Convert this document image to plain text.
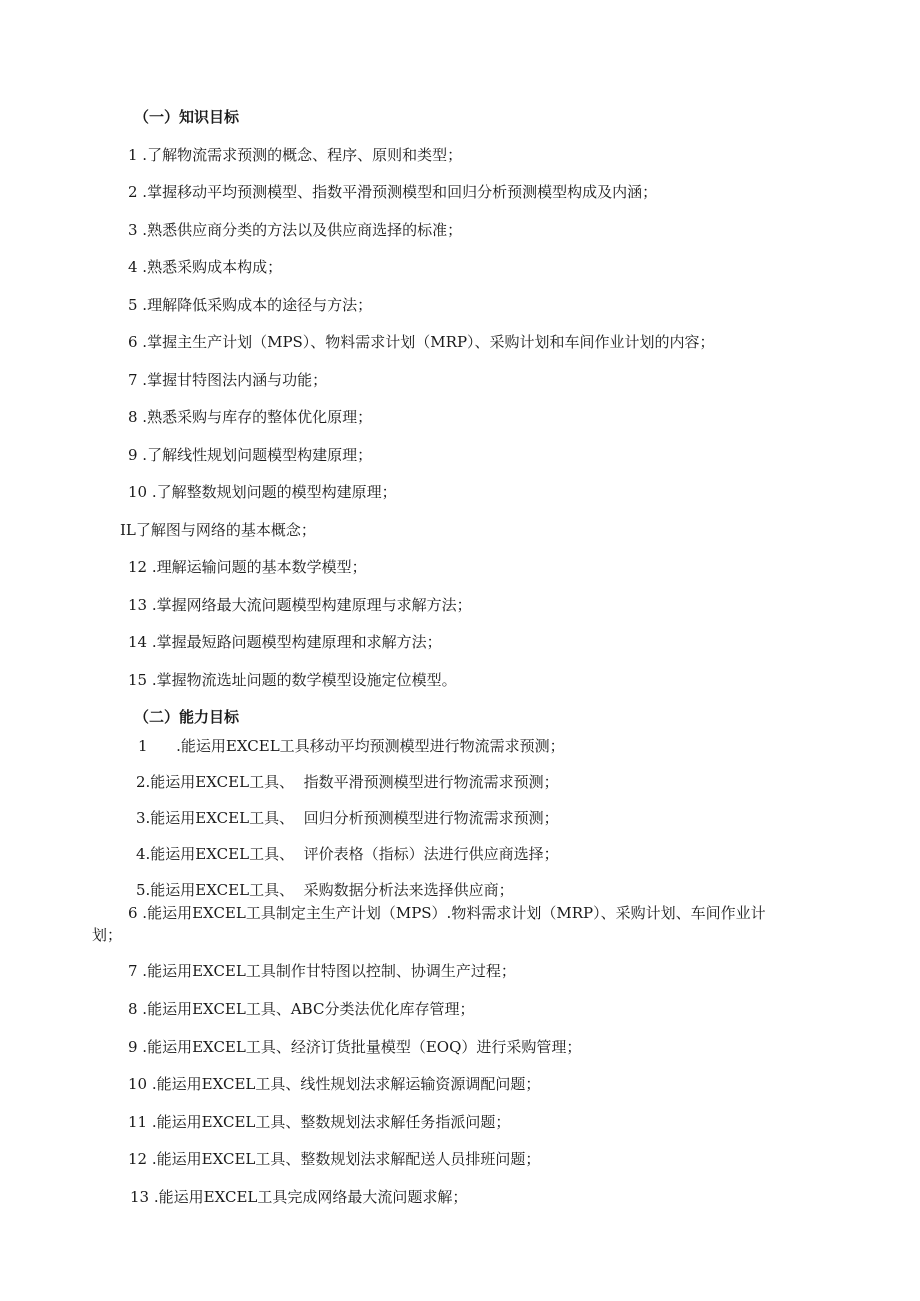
（一）知识目标
1 .了解物流需求预测的概念、程序、原则和类型；
2 .掌握移动平均预测模型、指数平滑预测模型和回归分析预测模型构成及内涵；
3 .熟悉供应商分类的方法以及供应商选择的标准；
4 .熟悉采购成本构成；
5 .理解降低采购成本的途径与方法；
6 .掌握主生产计划（MPS）、物料需求计划（MRP）、采购计划和车间作业计划的内容；
7 .掌握甘特图法内涵与功能；
8 .熟悉采购与库存的整体优化原理；
9 .了解线性规划问题模型构建原理；
10 .了解整数规划问题的模型构建原理；
IL了解图与网络的基本概念；
12 .理解运输问题的基本数学模型；
13 .掌握网络最大流问题模型构建原理与求解方法；
14 .掌握最短路问题模型构建原理和求解方法；
15 .掌握物流选址问题的数学模型设施定位模型。
（二）能力目标
1      .能运用EXCEL工具移动平均预测模型进行物流需求预测；
2.能运用EXCEL工具、  指数平滑预测模型进行物流需求预测；
3.能运用EXCEL工具、  回归分析预测模型进行物流需求预测；
4.能运用EXCEL工具、  评价表格（指标）法进行供应商选择；
5.能运用EXCEL工具、  采购数据分析法来选择供应商；
6 .能运用EXCEL工具制定主生产计划（MPS）.物料需求计划（MRP）、采购计划、车间作业计
划；
7 .能运用EXCEL工具制作甘特图以控制、协调生产过程；
8 .能运用EXCEL工具、ABC分类法优化库存管理；
9 .能运用EXCEL工具、经济订货批量模型（EOQ）进行采购管理；
10 .能运用EXCEL工具、线性规划法求解运输资源调配问题；
11 .能运用EXCEL工具、整数规划法求解任务指派问题；
12 .能运用EXCEL工具、整数规划法求解配送人员排班问题；
13 .能运用EXCEL工具完成网络最大流问题求解；
